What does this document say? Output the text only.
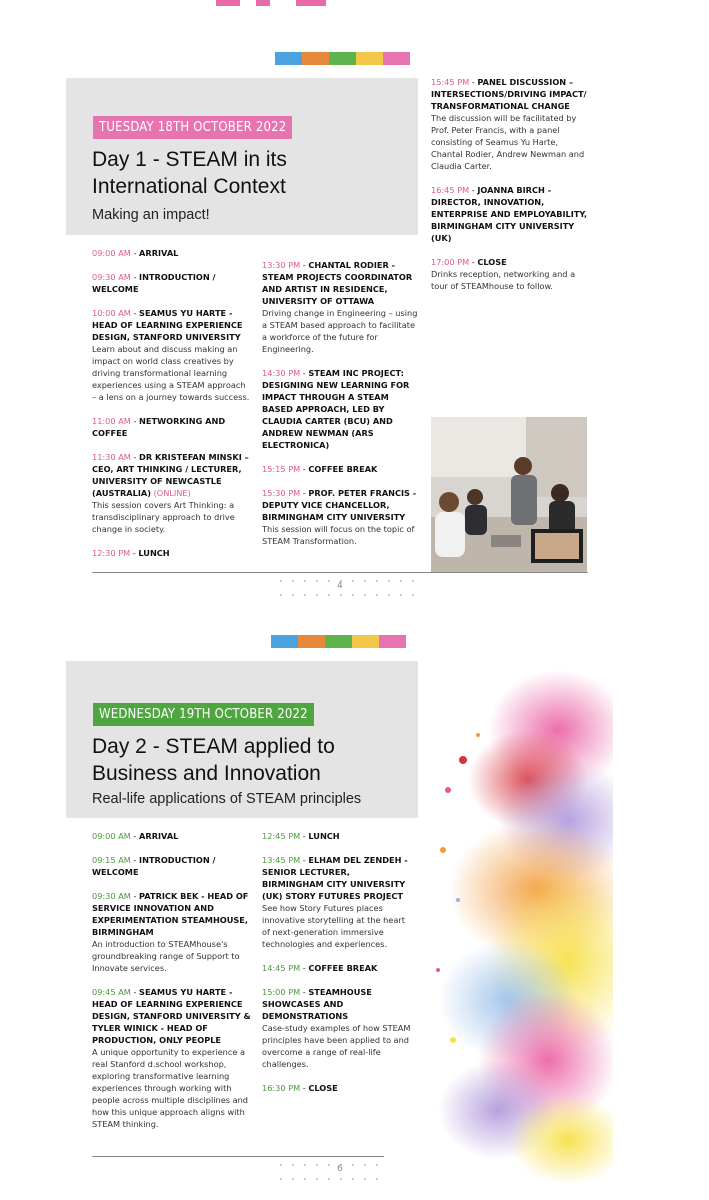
TUESDAY 18TH OCTOBER 2022
Day 1 - STEAM in its
International Context
Making an impact!
09:00 AM - ARRIVAL
09:30 AM - INTRODUCTION / WELCOME
10:00 AM - SEAMUS YU HARTE - HEAD OF LEARNING EXPERIENCE DESIGN, STANFORD UNIVERSITY
Learn about and discuss making an impact on world class creatives by driving transformational learning experiences using a STEAM approach – a lens on a journey towards success.
11:00 AM - NETWORKING AND COFFEE
11:30 AM - DR KRISTEFAN MINSKI – CEO, ART THINKING / LECTURER, UNIVERSITY OF NEWCASTLE (AUSTRALIA) (ONLINE)
This session covers Art Thinking: a transdisciplinary approach to drive change in society.
12:30 PM - LUNCH
13:30 PM - CHANTAL RODIER - STEAM PROJECTS COORDINATOR AND ARTIST IN RESIDENCE, UNIVERSITY OF OTTAWA
Driving change in Engineering – using a STEAM based approach to facilitate a workforce of the future for Engineering.
14:30 PM - STEAM INC PROJECT: DESIGNING NEW LEARNING FOR IMPACT THROUGH A STEAM BASED APPROACH, LED BY CLAUDIA CARTER (BCU) AND ANDREW NEWMAN (ARS ELECTRONICA)
15:15 PM - COFFEE BREAK
15:30 PM - PROF. PETER FRANCIS - DEPUTY VICE CHANCELLOR, BIRMINGHAM CITY UNIVERSITY
This session will focus on the topic of STEAM Transformation.
15:45 PM - PANEL DISCUSSION – INTERSECTIONS/DRIVING IMPACT/ TRANSFORMATIONAL CHANGE
The discussion will be facilitated by Prof. Peter Francis, with a panel consisting of Seamus Yu Harte, Chantal Rodier, Andrew Newman and Claudia Carter.
16:45 PM - JOANNA BIRCH - DIRECTOR, INNOVATION, ENTERPRISE AND EMPLOYABILITY, BIRMINGHAM CITY UNIVERSITY (UK)
17:00 PM - CLOSE
Drinks reception, networking and a tour of STEAMhouse to follow.
4
WEDNESDAY 19TH OCTOBER 2022
Day 2 - STEAM applied to
Business and Innovation
Real-life applications of STEAM principles
09:00 AM - ARRIVAL
09:15 AM - INTRODUCTION / WELCOME
09:30 AM - PATRICK BEK - HEAD OF SERVICE INNOVATION AND EXPERIMENTATION STEAMHOUSE, BIRMINGHAM
An introduction to STEAMhouse's groundbreaking range of Support to Innovate services.
09:45 AM - SEAMUS YU HARTE - HEAD OF LEARNING EXPERIENCE DESIGN, STANFORD UNIVERSITY & TYLER WINICK - HEAD OF PRODUCTION, ONLY PEOPLE
A unique opportunity to experience a real Stanford d.school workshop, exploring transformative learning experiences through working with people across multiple disciplines and how this unique approach aligns with STEAM thinking.
12:45 PM - LUNCH
13:45 PM - ELHAM DEL ZENDEH - SENIOR LECTURER, BIRMINGHAM CITY UNIVERSITY (UK) STORY FUTURES PROJECT
See how Story Futures places innovative storytelling at the heart of next-generation immersive technologies and experiences.
14:45 PM - COFFEE BREAK
15:00 PM - STEAMHOUSE SHOWCASES AND DEMONSTRATIONS
Case-study examples of how STEAM principles have been applied to and overcome a range of real-life challenges.
16:30 PM - CLOSE
6
